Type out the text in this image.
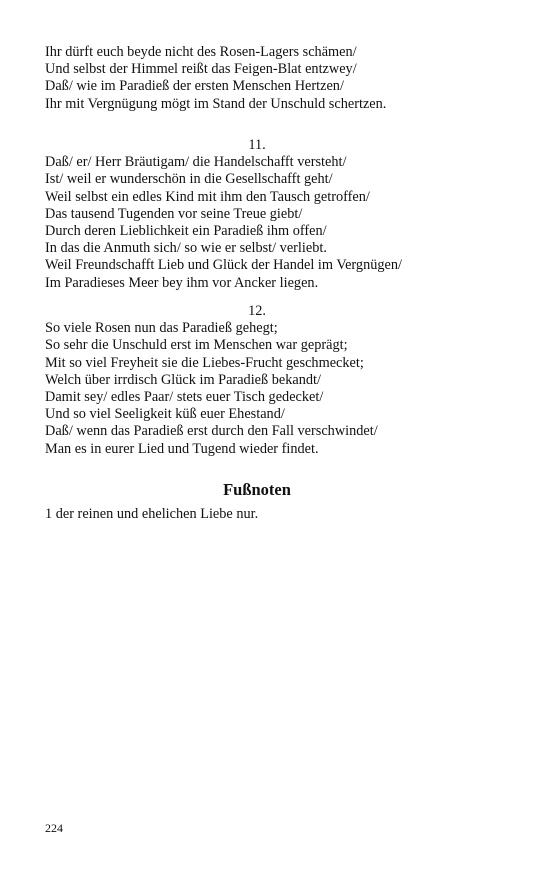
Ihr dürft euch beyde nicht des Rosen-Lagers schämen/
Und selbst der Himmel reißt das Feigen-Blat entzwey/
Daß/ wie im Paradieß der ersten Menschen Hertzen/
Ihr mit Vergnügung mögt im Stand der Unschuld schertzen.
11.
Daß/ er/ Herr Bräutigam/ die Handelschafft versteht/
Ist/ weil er wunderschön in die Gesellschafft geht/
Weil selbst ein edles Kind mit ihm den Tausch getroffen/
Das tausend Tugenden vor seine Treue giebt/
Durch deren Lieblichkeit ein Paradieß ihm offen/
In das die Anmuth sich/ so wie er selbst/ verliebt.
Weil Freundschafft Lieb und Glück der Handel im Vergnügen/
Im Paradieses Meer bey ihm vor Ancker liegen.
12.
So viele Rosen nun das Paradieß gehegt;
So sehr die Unschuld erst im Menschen war geprägt;
Mit so viel Freyheit sie die Liebes-Frucht geschmecket;
Welch über irrdisch Glück im Paradieß bekandt/
Damit sey/ edles Paar/ stets euer Tisch gedecket/
Und so viel Seeligkeit küß euer Ehestand/
Daß/ wenn das Paradieß erst durch den Fall verschwindet/
Man es in eurer Lied und Tugend wieder findet.
Fußnoten
1 der reinen und ehelichen Liebe nur.
224
